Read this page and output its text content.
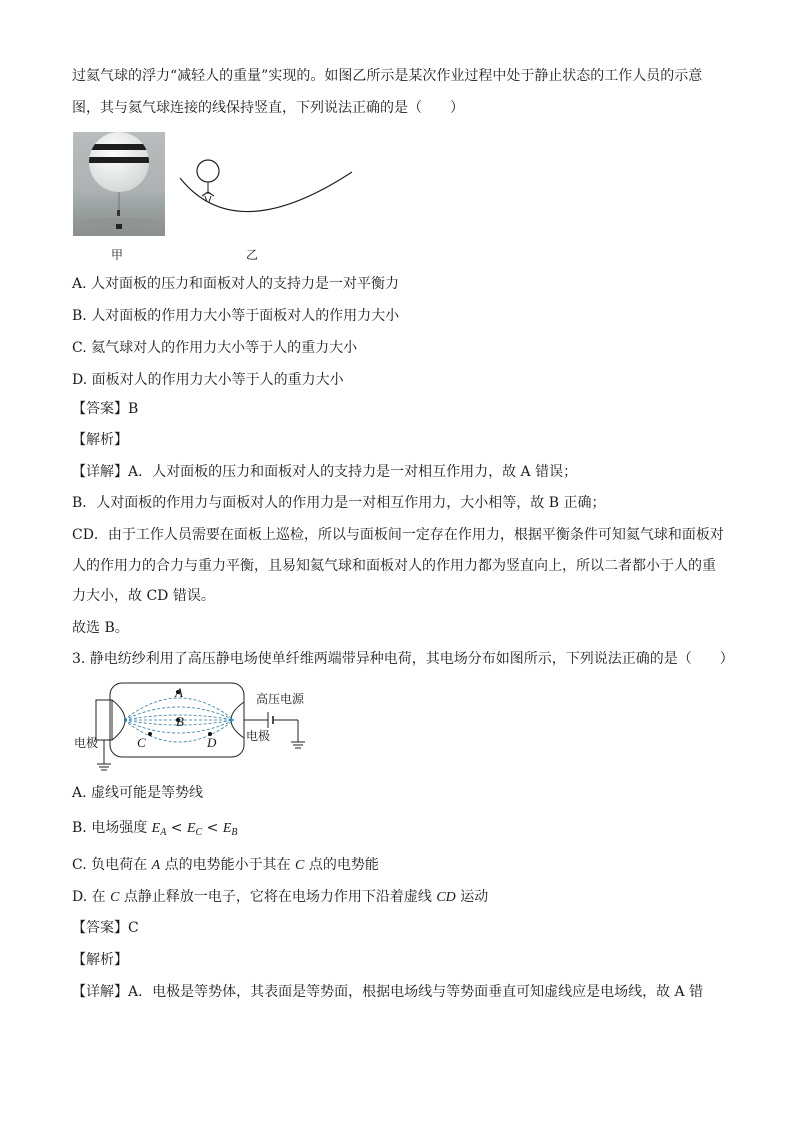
过氦气球的浮力“减轻人的重量”实现的。如图乙所示是某次作业过程中处于静止状态的工作人员的示意
图，其与氦气球连接的线保持竖直，下列说法正确的是（　　）
甲	乙
A. 人对面板的压力和面板对人的支持力是一对平衡力
B. 人对面板的作用力大小等于面板对人的作用力大小
C. 氦气球对人的作用力大小等于人的重力大小
D. 面板对人的作用力大小等于人的重力大小
【答案】B
【解析】
【详解】A．人对面板的压力和面板对人的支持力是一对相互作用力，故 A 错误；
B．人对面板的作用力与面板对人的作用力是一对相互作用力，大小相等，故 B 正确；
CD．由于工作人员需要在面板上巡检，所以与面板间一定存在作用力，根据平衡条件可知氦气球和面板对
人的作用力的合力与重力平衡，且易知氦气球和面板对人的作用力都为竖直向上，所以二者都小于人的重
力大小，故 CD 错误。
故选 B。
3. 静电纺纱利用了高压静电场使单纤维两端带异种电荷，其电场分布如图所示，下列说法正确的是（　　）
A
B
C	D
电极	电极
高压电源
A. 虚线可能是等势线
B. 电场强度 $E_A < E_C < E_B$
C. 负电荷在 A 点的电势能小于其在 C 点的电势能
D. 在 C 点静止释放一电子，它将在电场力作用下沿着虚线 CD 运动
【答案】C
【解析】
【详解】A．电极是等势体，其表面是等势面，根据电场线与等势面垂直可知虚线应是电场线，故 A 错
